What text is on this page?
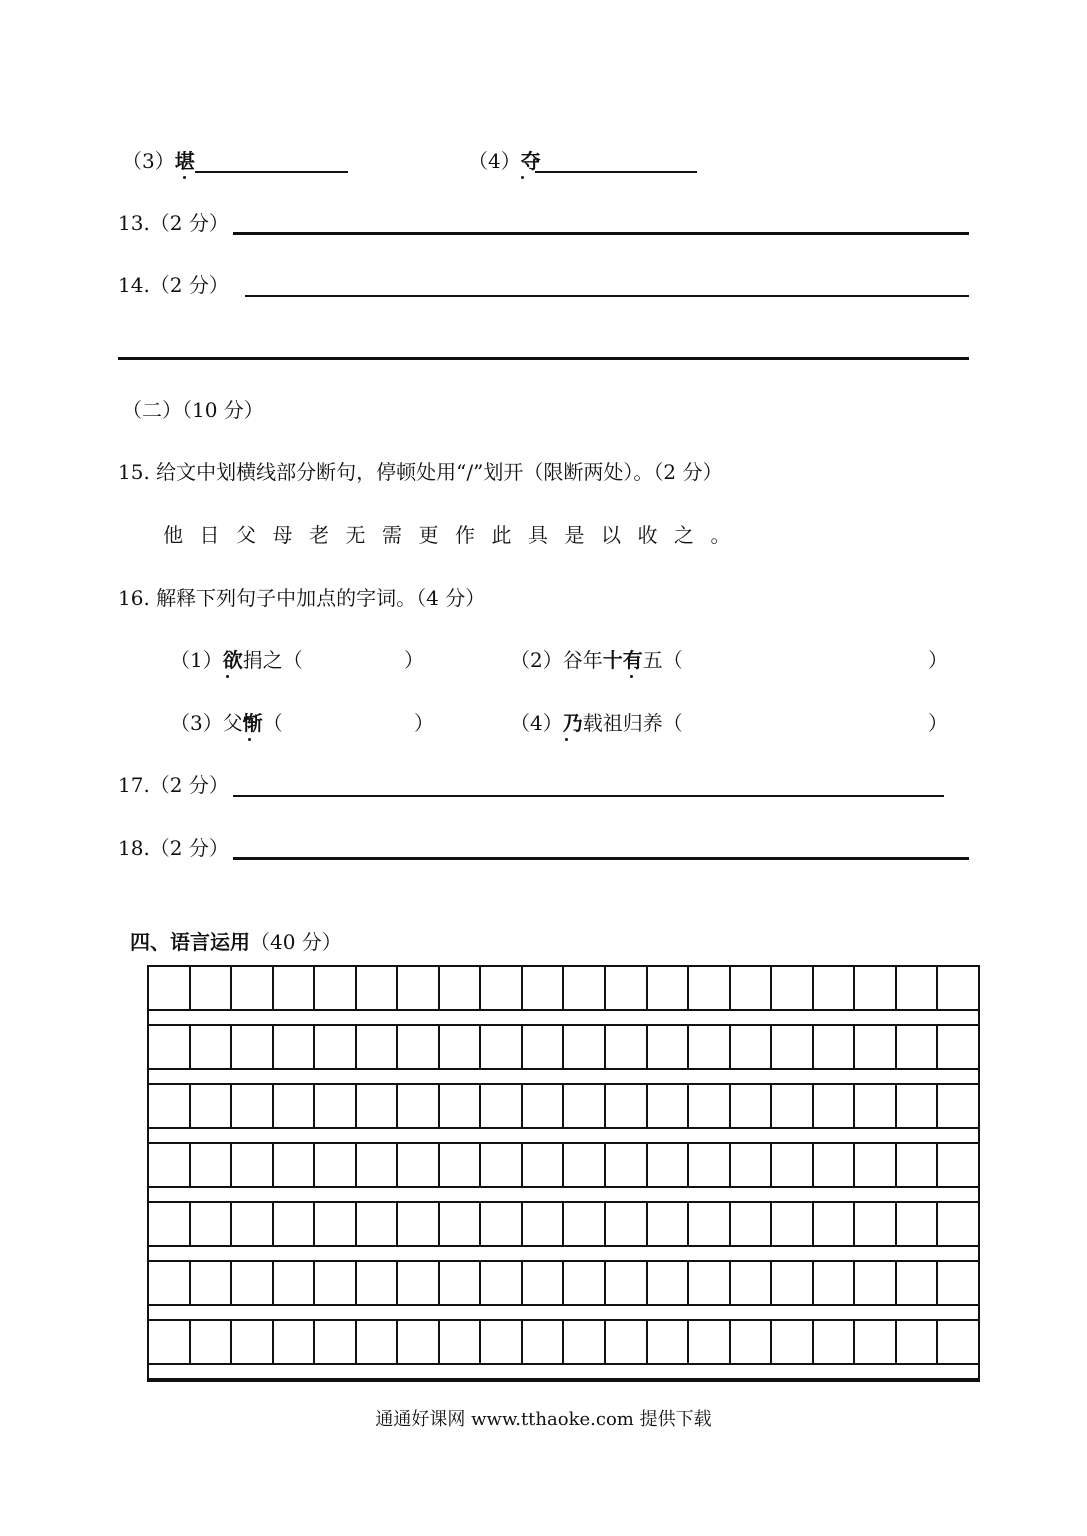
（3）堪	（4）夺
13.（2 分）
14.（2 分）
（二）（10 分）
15. 给文中划横线部分断句，停顿处用“/”划开（限断两处）。（2 分）
他日父母老无需更作此具是以收之。
16. 解释下列句子中加点的字词。（4 分）
（1）欲捐之（	）	（2）谷年十有五（	）
（3）父惭（	）	（4）乃载祖归养（	）
17.（2 分）
18.（2 分）
四、语言运用（40 分）
通通好课网 www.tthaoke.com 提供下载
